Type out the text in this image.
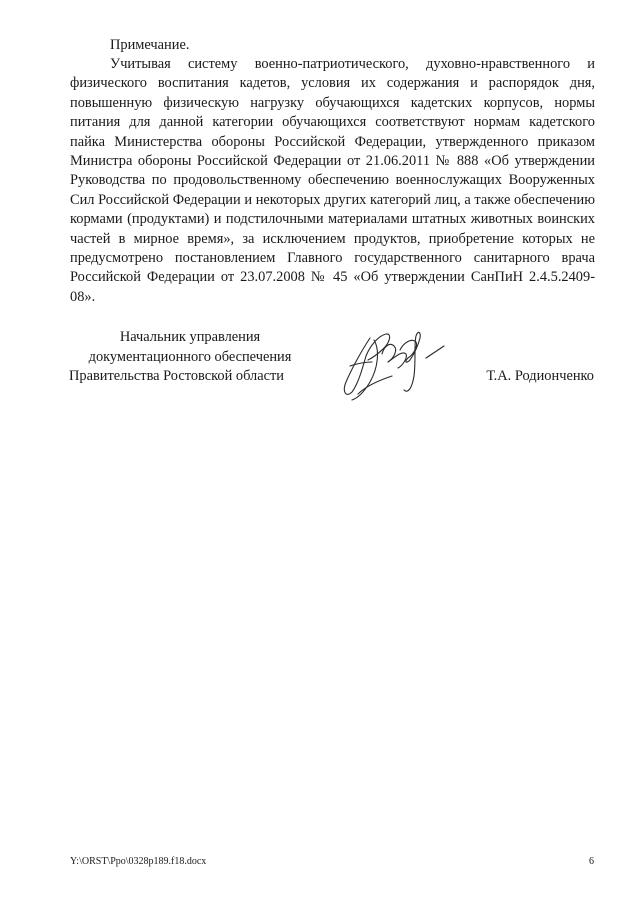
Примечание.

Учитывая систему военно-патриотического, духовно-нравственного и физического воспитания кадетов, условия их содержания и распорядок дня, повышенную физическую нагрузку обучающихся кадетских корпусов, нормы питания для данной категории обучающихся соответствуют нормам кадетского пайка Министерства обороны Российской Федерации, утвержденного приказом Министра обороны Российской Федерации от 21.06.2011 № 888 «Об утверждении Руководства по продовольственному обеспечению военнослужащих Вооруженных Сил Российской Федерации и некоторых других категорий лиц, а также обеспечению кормами (продуктами) и подстилочными материалами штатных животных воинских частей в мирное время», за исключением продуктов, приобретение которых не предусмотрено постановлением Главного государственного санитарного врача Российской Федерации от 23.07.2008 № 45 «Об утверждении СанПиН 2.4.5.2409-08».

Начальник управления
документационного обеспечения
Правительства Ростовской области	Т.А. Родионченко
Y:\ORST\Ppo\0328p189.f18.docx	6
